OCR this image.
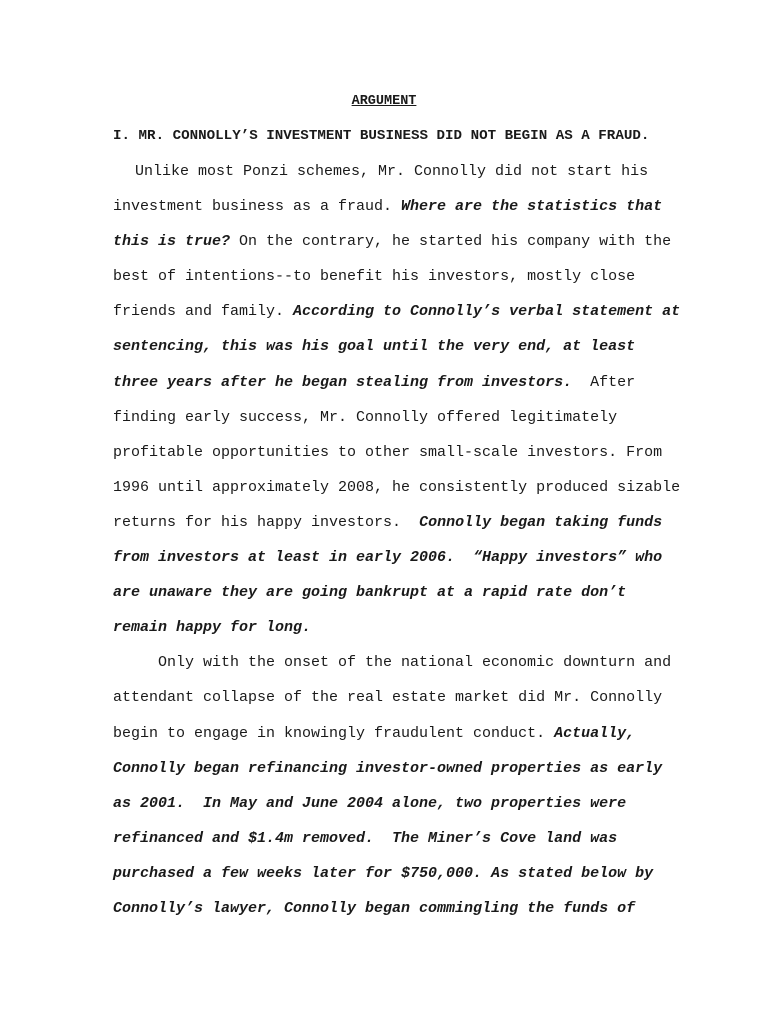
ARGUMENT
I. MR. CONNOLLY’S INVESTMENT BUSINESS DID NOT BEGIN AS A FRAUD.
Unlike most Ponzi schemes, Mr. Connolly did not start his
investment business as a fraud. Where are the statistics that
this is true? On the contrary, he started his company with the
best of intentions--to benefit his investors, mostly close
friends and family. According to Connolly’s verbal statement at
sentencing, this was his goal until the very end, at least
three years after he began stealing from investors.  After
finding early success, Mr. Connolly offered legitimately
profitable opportunities to other small-scale investors. From
1996 until approximately 2008, he consistently produced sizable
returns for his happy investors.  Connolly began taking funds
from investors at least in early 2006.  “Happy investors” who
are unaware they are going bankrupt at a rapid rate don’t
remain happy for long.
Only with the onset of the national economic downturn and
attendant collapse of the real estate market did Mr. Connolly
begin to engage in knowingly fraudulent conduct. Actually,
Connolly began refinancing investor-owned properties as early
as 2001.  In May and June 2004 alone, two properties were
refinanced and $1.4m removed.  The Miner’s Cove land was
purchased a few weeks later for $750,000. As stated below by
Connolly’s lawyer, Connolly began commingling the funds of
